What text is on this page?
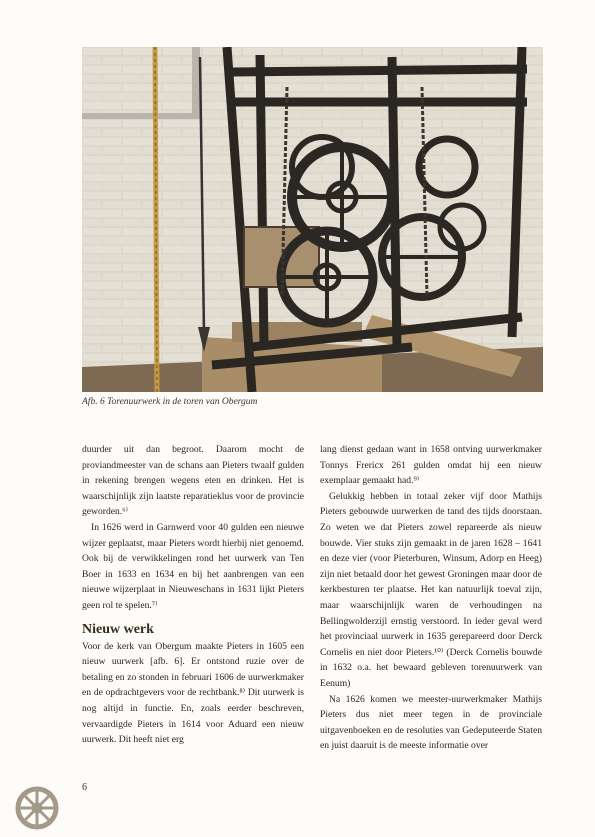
Afb. 6 Torenuurwerk in de toren van Obergum

duurder uit dan begroot. Daarom mocht de proviandmeester van de schans aan Pieters twaalf gulden in rekening brengen wegens eten en drinken. Het is waarschijnlijk zijn laatste reparatieklus voor de provincie geworden.⁶⁾

In 1626 werd in Garnwerd voor 40 gulden een nieuwe wijzer geplaatst, maar Pieters wordt hierbij niet genoemd. Ook bij de verwikkelingen rond het uurwerk van Ten Boer in 1633 en 1634 en bij het aanbrengen van een nieuwe wijzerplaat in Nieuweschans in 1631 lijkt Pieters geen rol te spelen.⁷⁾

Nieuw werk

Voor de kerk van Obergum maakte Pieters in 1605 een nieuw uurwerk [afb. 6]. Er ontstond ruzie over de betaling en zo stonden in februari 1606 de uurwerkmaker en de opdrachtgevers voor de rechtbank.⁸⁾ Dit uurwerk is nog altijd in functie. En, zoals eerder beschreven, vervaardigde Pieters in 1614 voor Aduard een nieuw uurwerk. Dit heeft niet erg

lang dienst gedaan want in 1658 ontving uurwerkmaker Tonnys Frericx 261 gulden omdat hij een nieuw exemplaar gemaakt had.⁹⁾

Gelukkig hebben in totaal zeker vijf door Mathijs Pieters gebouwde uurwerken de tand des tijds doorstaan. Zo weten we dat Pieters zowel repareerde als nieuw bouwde. Vier stuks zijn gemaakt in de jaren 1628 – 1641 en deze vier (voor Pieterburen, Winsum, Adorp en Heeg) zijn niet betaald door het gewest Groningen maar door de kerkbesturen ter plaatse. Het kan natuurlijk toeval zijn, maar waarschijnlijk waren de verhoudingen na Bellingwolderzijl ernstig verstoord. In ieder geval werd het provinciaal uurwerk in 1635 gerepareerd door Derck Cornelis en niet door Pieters.¹⁰⁾ (Derck Cornelis bouwde in 1632 o.a. het bewaard gebleven torenuurwerk van Eenum)

Na 1626 komen we meester-uurwerkmaker Mathijs Pieters dus niet meer tegen in de provinciale uitgavenboeken en de resoluties van Gedeputeerde Staten en juist daaruit is de meeste informatie over

6
